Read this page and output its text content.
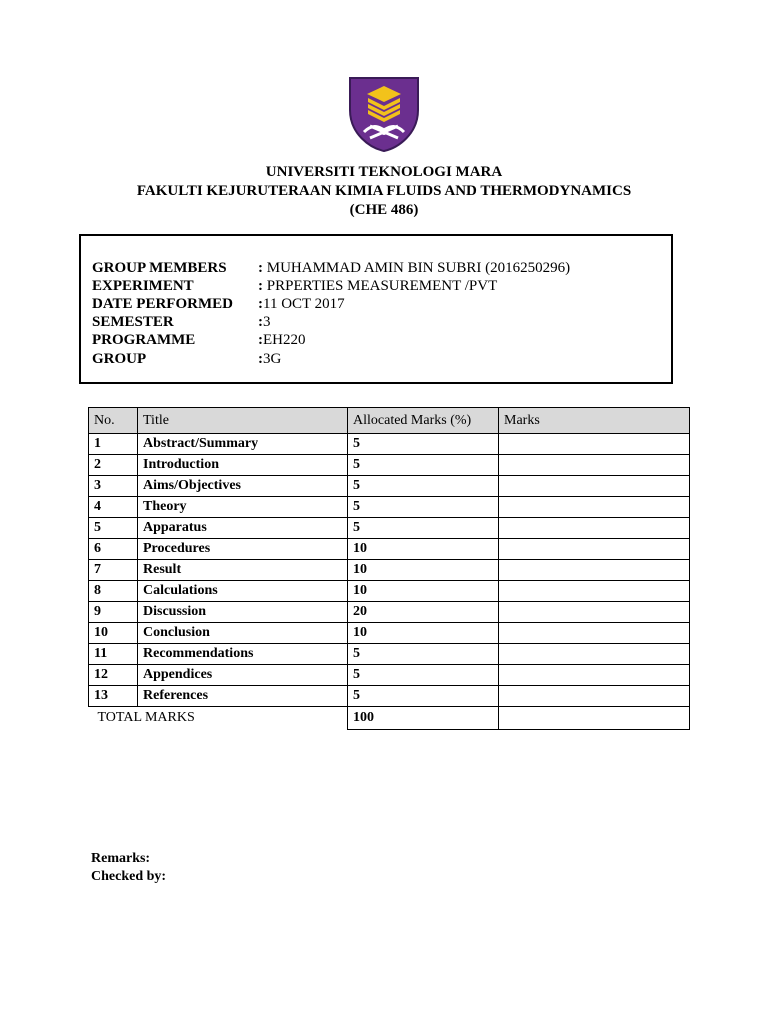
UNIVERSITI TEKNOLOGI MARA
FAKULTI KEJURUTERAAN KIMIA FLUIDS AND THERMODYNAMICS
(CHE 486)
GROUP MEMBERS : MUHAMMAD AMIN BIN SUBRI (2016250296)
EXPERIMENT	: PRPERTIES MEASUREMENT /PVT
DATE PERFORMED :11 OCT 2017
SEMESTER	:3
PROGRAMME	:EH220
GROUP	:3G
No.	Title	Allocated Marks (%)	Marks
1	Abstract/Summary	5	
2	Introduction	5	
3	Aims/Objectives	5	
4	Theory	5	
5	Apparatus	5	
6	Procedures	10	
7	Result	10	
8	Calculations	10	
9	Discussion	20	
10	Conclusion	10	
11	Recommendations	5	
12	Appendices	5	
13	References	5	
TOTAL MARKS		100	
Remarks:
Checked by:
